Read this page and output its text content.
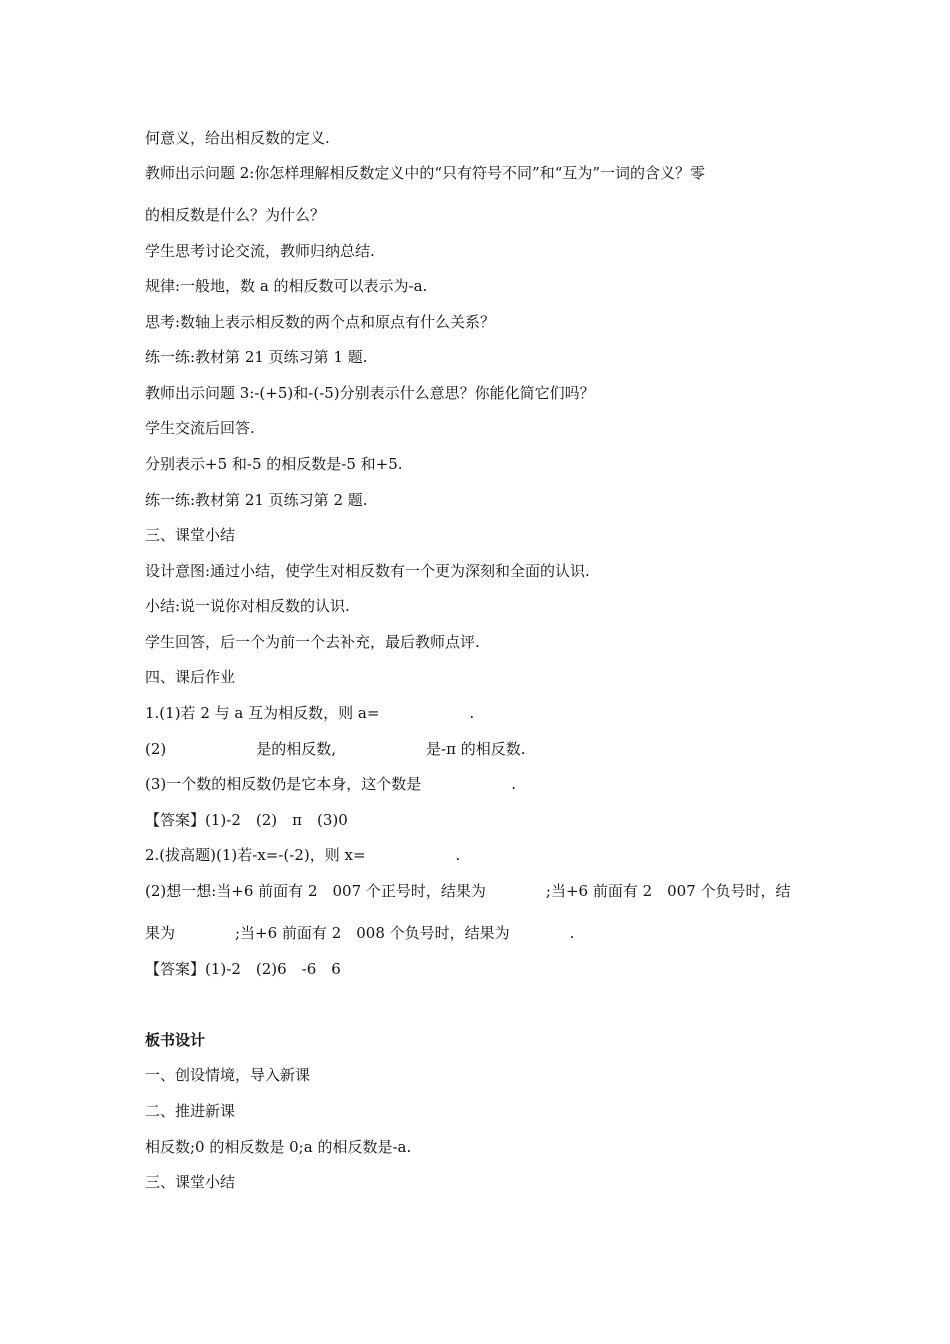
何意义，给出相反数的定义.

教师出示问题 2:你怎样理解相反数定义中的“只有符号不同”和“互为”一词的含义？零

的相反数是什么？为什么？

学生思考讨论交流，教师归纳总结.

规律:一般地，数 a 的相反数可以表示为-a.

思考:数轴上表示相反数的两个点和原点有什么关系？

练一练:教材第 21 页练习第 1 题.

教师出示问题 3:-(+5)和-(-5)分别表示什么意思？你能化简它们吗？

学生交流后回答.

分别表示+5 和-5 的相反数是-5 和+5.

练一练:教材第 21 页练习第 2 题.

三、课堂小结

设计意图:通过小结，使学生对相反数有一个更为深刻和全面的认识.

小结:说一说你对相反数的认识.

学生回答，后一个为前一个去补充，最后教师点评.

四、课后作业

1.(1)若 2 与 a 互为相反数，则 a=　　　　　　.

(2)　　　　　　是的相反数,　　　　　　是-π 的相反数.

(3)一个数的相反数仍是它本身，这个数是　　　　　　.

【答案】(1)-2　(2)　π　(3)0

2.(拔高题)(1)若-x=-(-2)，则 x=　　　　　　.

(2)想一想:当+6 前面有 2　007 个正号时，结果为　　　　;当+6 前面有 2　007 个负号时，结

果为　　　　;当+6 前面有 2　008 个负号时，结果为　　　　.

【答案】(1)-2　(2)6　-6　6

板书设计

一、创设情境，导入新课

二、推进新课

相反数;0 的相反数是 0;a 的相反数是-a.

三、课堂小结
